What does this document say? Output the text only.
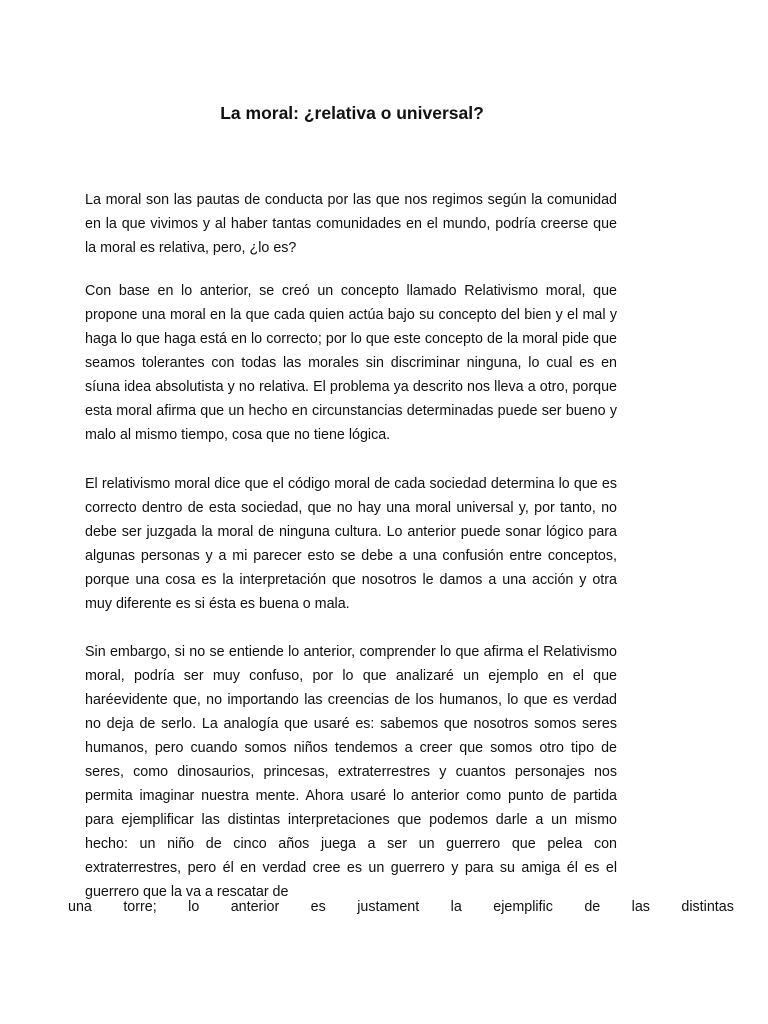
La moral: ¿relativa o universal?

La moral son las pautas de conducta por las que nos regimos según la comunidad en la que vivimos y al haber tantas comunidades en el mundo, podría creerse que la moral es relativa, pero, ¿lo es?

Con base en lo anterior, se creó un concepto llamado Relativismo moral, que propone una moral en la que cada quien actúa bajo su concepto del bien y el mal y haga lo que haga está en lo correcto; por lo que este concepto de la moral pide que seamos tolerantes con todas las morales sin discriminar ninguna, lo cual es en síuna idea absolutista y no relativa. El problema ya descrito nos lleva a otro, porque esta moral afirma que un hecho en circunstancias determinadas puede ser bueno y malo al mismo tiempo, cosa que no tiene lógica.

El relativismo moral dice que el código moral de cada sociedad determina lo que es correcto dentro de esta sociedad, que no hay una moral universal y, por tanto, no debe ser juzgada la moral de ninguna cultura. Lo anterior puede sonar lógico para algunas personas y a mi parecer esto se debe a una confusión entre conceptos, porque una cosa es la interpretación que nosotros le damos a una acción y otra muy diferente es si ésta es buena o mala.

Sin embargo, si no se entiende lo anterior, comprender lo que afirma el Relativismo moral, podría ser muy confuso, por lo que analizaré un ejemplo en el que haréevidente que, no importando las creencias de los humanos, lo que es verdad no deja de serlo. La analogía que usaré es: sabemos que nosotros somos seres humanos, pero cuando somos niños tendemos a creer que somos otro tipo de seres, como dinosaurios, princesas, extraterrestres y cuantos personajes nos permita imaginar nuestra mente. Ahora usaré lo anterior como punto de partida para ejemplificar las distintas interpretaciones que podemos darle a un mismo hecho: un niño de cinco años juega a ser un guerrero que pelea con extraterrestres, pero él en verdad cree es un guerrero y para su amiga él es el guerrero que la va a rescatar de

una torre; lo anterior es justament la ejemplific de las distintas
